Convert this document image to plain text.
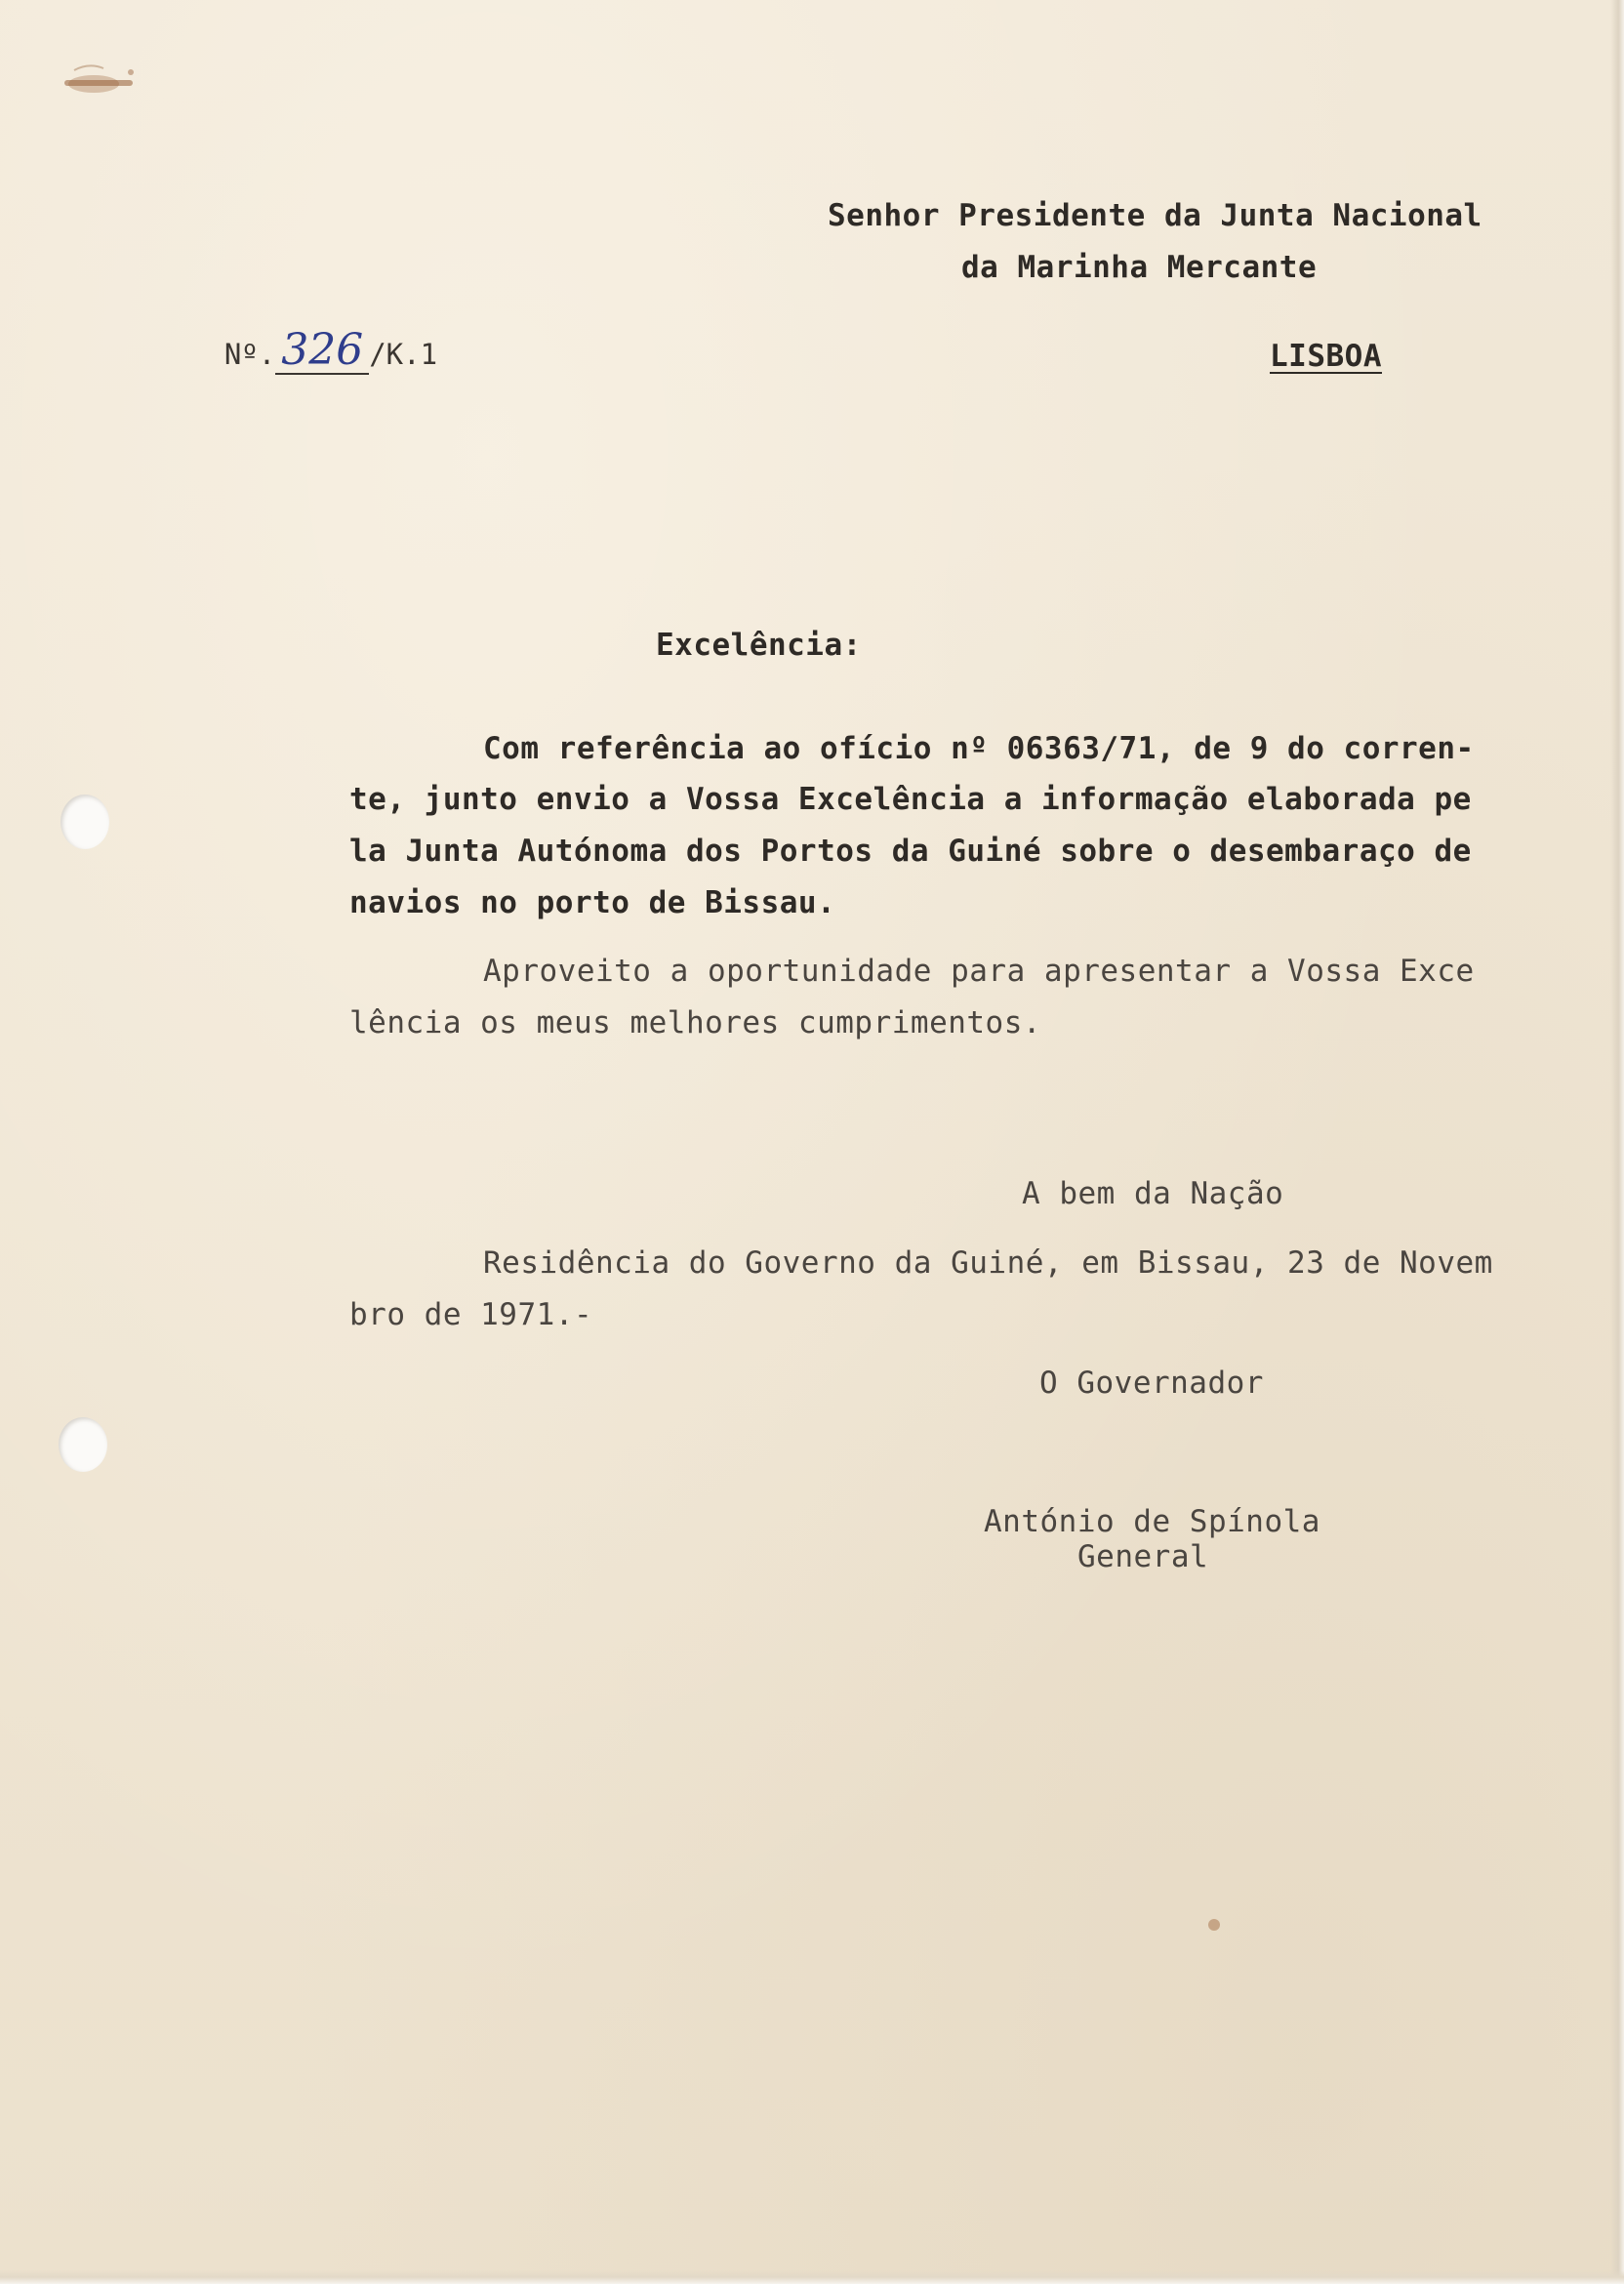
Senhor Presidente da Junta Nacional
da Marinha Mercante

Nº. 326 /K.1
	LISBOA
Excelência:
Com referência ao ofício nº 06363/71, de 9 do corren-
te, junto envio a Vossa Excelência a informação elaborada pe
la Junta Autónoma dos Portos da Guiné sobre o desembaraço de
navios no porto de Bissau.
Aproveito a oportunidade para apresentar a Vossa Exce
lência os meus melhores cumprimentos.
A bem da Nação
Residência do Governo da Guiné, em Bissau, 23 de Novem
bro de 1971.-
O Governador
António de Spínola
General
